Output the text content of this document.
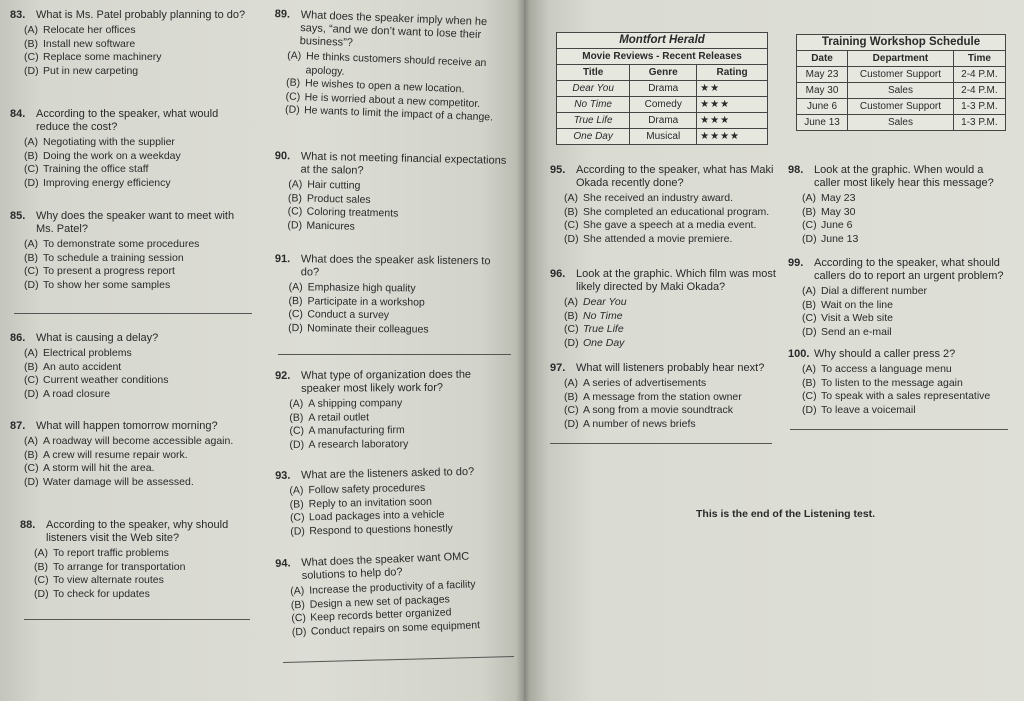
83. What is Ms. Patel probably planning to do?
(A) Relocate her offices
(B) Install new software
(C) Replace some machinery
(D) Put in new carpeting
84. According to the speaker, what would reduce the cost?
(A) Negotiating with the supplier
(B) Doing the work on a weekday
(C) Training the office staff
(D) Improving energy efficiency
85. Why does the speaker want to meet with Ms. Patel?
(A) To demonstrate some procedures
(B) To schedule a training session
(C) To present a progress report
(D) To show her some samples
86. What is causing a delay?
(A) Electrical problems
(B) An auto accident
(C) Current weather conditions
(D) A road closure
87. What will happen tomorrow morning?
(A) A roadway will become accessible again.
(B) A crew will resume repair work.
(C) A storm will hit the area.
(D) Water damage will be assessed.
88. According to the speaker, why should listeners visit the Web site?
(A) To report traffic problems
(B) To arrange for transportation
(C) To view alternate routes
(D) To check for updates
89. What does the speaker imply when he says, “and we don’t want to lose their business”?
(A) He thinks customers should receive an apology.
(B) He wishes to open a new location.
(C) He is worried about a new competitor.
(D) He wants to limit the impact of a change.
90. What is not meeting financial expectations at the salon?
(A) Hair cutting
(B) Product sales
(C) Coloring treatments
(D) Manicures
91. What does the speaker ask listeners to do?
(A) Emphasize high quality
(B) Participate in a workshop
(C) Conduct a survey
(D) Nominate their colleagues
92. What type of organization does the speaker most likely work for?
(A) A shipping company
(B) A retail outlet
(C) A manufacturing firm
(D) A research laboratory
93. What are the listeners asked to do?
(A) Follow safety procedures
(B) Reply to an invitation soon
(C) Load packages into a vehicle
(D) Respond to questions honestly
94. What does the speaker want OMC solutions to help do?
(A) Increase the productivity of a facility
(B) Design a new set of packages
(C) Keep records better organized
(D) Conduct repairs on some equipment
Montfort Herald		
Movie Reviews - Recent Releases		
Title	Genre	Rating
Dear You	Drama	★★
No Time	Comedy	★★★
True Life	Drama	★★★
One Day	Musical	★★★★
Training Workshop Schedule		
Date	Department	Time
May 23	Customer Support	2-4 P.M.
May 30	Sales	2-4 P.M.
June 6	Customer Support	1-3 P.M.
June 13	Sales	1-3 P.M.
95. According to the speaker, what has Maki Okada recently done?
(A) She received an industry award.
(B) She completed an educational program.
(C) She gave a speech at a media event.
(D) She attended a movie premiere.
96. Look at the graphic. Which film was most likely directed by Maki Okada?
(A) Dear You
(B) No Time
(C) True Life
(D) One Day
97. What will listeners probably hear next?
(A) A series of advertisements
(B) A message from the station owner
(C) A song from a movie soundtrack
(D) A number of news briefs
98. Look at the graphic. When would a caller most likely hear this message?
(A) May 23
(B) May 30
(C) June 6
(D) June 13
99. According to the speaker, what should callers do to report an urgent problem?
(A) Dial a different number
(B) Wait on the line
(C) Visit a Web site
(D) Send an e-mail
100. Why should a caller press 2?
(A) To access a language menu
(B) To listen to the message again
(C) To speak with a sales representative
(D) To leave a voicemail
This is the end of the Listening test.
